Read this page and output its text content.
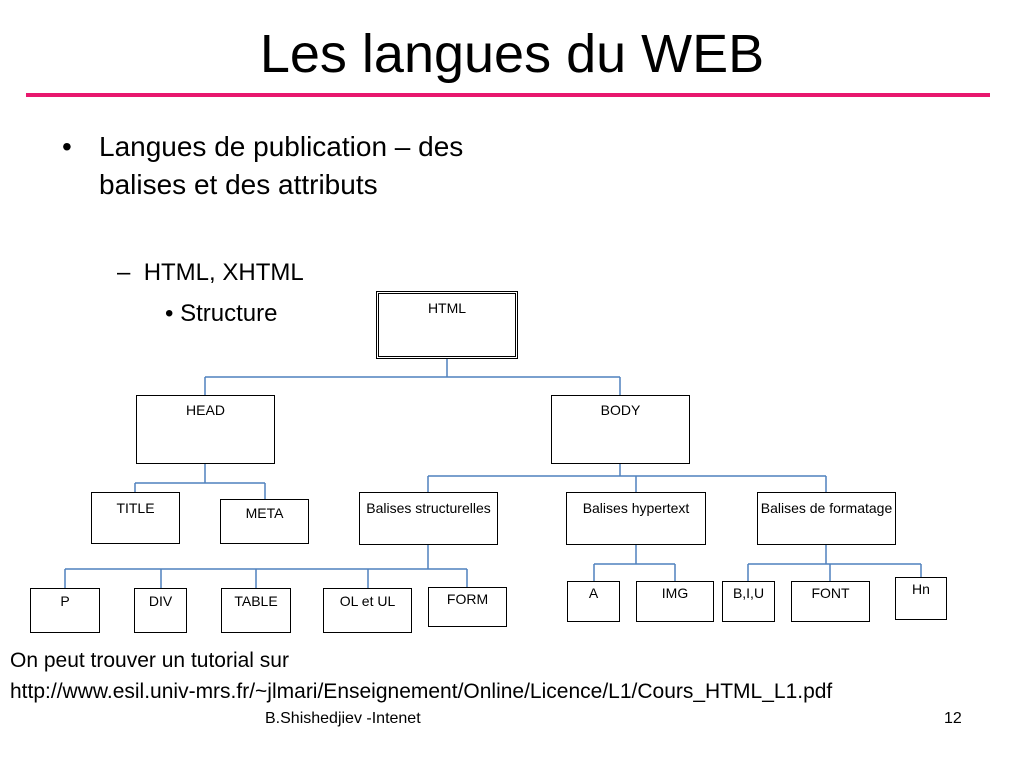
Les langues du WEB
• Langues de publication – des balises et des attributs
–  HTML, XHTML
• Structure	HTML
HEAD	BODY
TITLE	META	Balises structurelles	Balises hypertext	Balises de formatage
P	DIV	TABLE	OL et UL	FORM	A	IMG	B,I,U	FONT	Hn
On peut trouver un tutorial sur
http://www.esil.univ-mrs.fr/~jlmari/Enseignement/Online/Licence/L1/Cours_HTML_L1.pdf
B.Shishedjiev -Intenet	12
